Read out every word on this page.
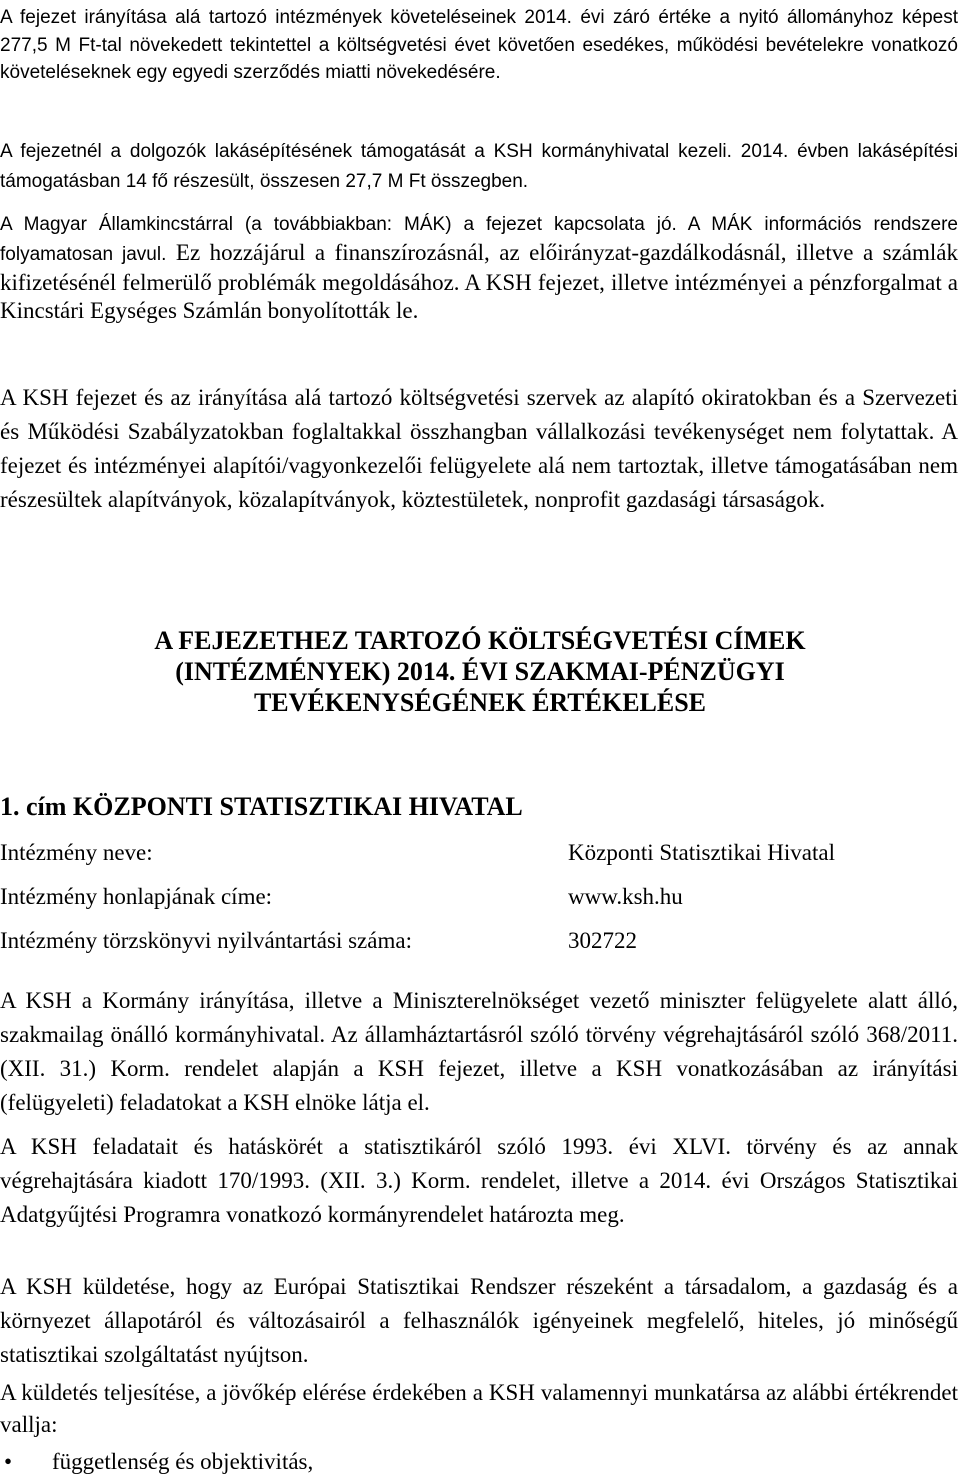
A fejezet irányítása alá tartozó intézmények követeléseinek 2014. évi záró értéke a nyitó állományhoz képest 277,5 M Ft-tal növekedett tekintettel a költségvetési évet követően esedékes, működési bevételekre vonatkozó követeléseknek egy egyedi szerződés miatti növekedésére.

A fejezetnél a dolgozók lakásépítésének támogatását a KSH kormányhivatal kezeli. 2014. évben lakásépítési támogatásban 14 fő részesült, összesen 27,7 M Ft összegben.

A Magyar Államkincstárral (a továbbiakban: MÁK) a fejezet kapcsolata jó. A MÁK információs rendszere folyamatosan javul. Ez hozzájárul a finanszírozásnál, az előirányzat-gazdálkodásnál, illetve a számlák kifizetésénél felmerülő problémák megoldásához. A KSH fejezet, illetve intézményei a pénzforgalmat a Kincstári Egységes Számlán bonyolították le.

A KSH fejezet és az irányítása alá tartozó költségvetési szervek az alapító okiratokban és a Szervezeti és Működési Szabályzatokban foglaltakkal összhangban vállalkozási tevékenységet nem folytattak. A fejezet és intézményei alapítói/vagyonkezelői felügyelete alá nem tartoztak, illetve támogatásában nem részesültek alapítványok, közalapítványok, köztestületek, nonprofit gazdasági társaságok.

A FEJEZETHEZ TARTOZÓ KÖLTSÉGVETÉSI CÍMEK
(INTÉZMÉNYEK) 2014. ÉVI SZAKMAI-PÉNZÜGYI
TEVÉKENYSÉGÉNEK ÉRTÉKELÉSE
1. cím KÖZPONTI STATISZTIKAI HIVATAL
Intézmény neve:	Központi Statisztikai Hivatal
Intézmény honlapjának címe:	www.ksh.hu
Intézmény törzskönyvi nyilvántartási száma:	302722

A KSH a Kormány irányítása, illetve a Miniszterelnökséget vezető miniszter felügyelete alatt álló, szakmailag önálló kormányhivatal. Az államháztartásról szóló törvény végrehajtásáról szóló 368/2011. (XII. 31.) Korm. rendelet alapján a KSH fejezet, illetve a KSH vonatkozásában az irányítási (felügyeleti) feladatokat a KSH elnöke látja el.

A KSH feladatait és hatáskörét a statisztikáról szóló 1993. évi XLVI. törvény és az annak végrehajtására kiadott 170/1993. (XII. 3.) Korm. rendelet, illetve a 2014. évi Országos Statisztikai Adatgyűjtési Programra vonatkozó kormányrendelet határozta meg.

A KSH küldetése, hogy az Európai Statisztikai Rendszer részeként a társadalom, a gazdaság és a környezet állapotáról és változásairól a felhasználók igényeinek megfelelő, hiteles, jó minőségű statisztikai szolgáltatást nyújtson.

A küldetés teljesítése, a jövőkép elérése érdekében a KSH valamennyi munkatársa az alábbi értékrendet vallja:

• függetlenség és objektivitás,
